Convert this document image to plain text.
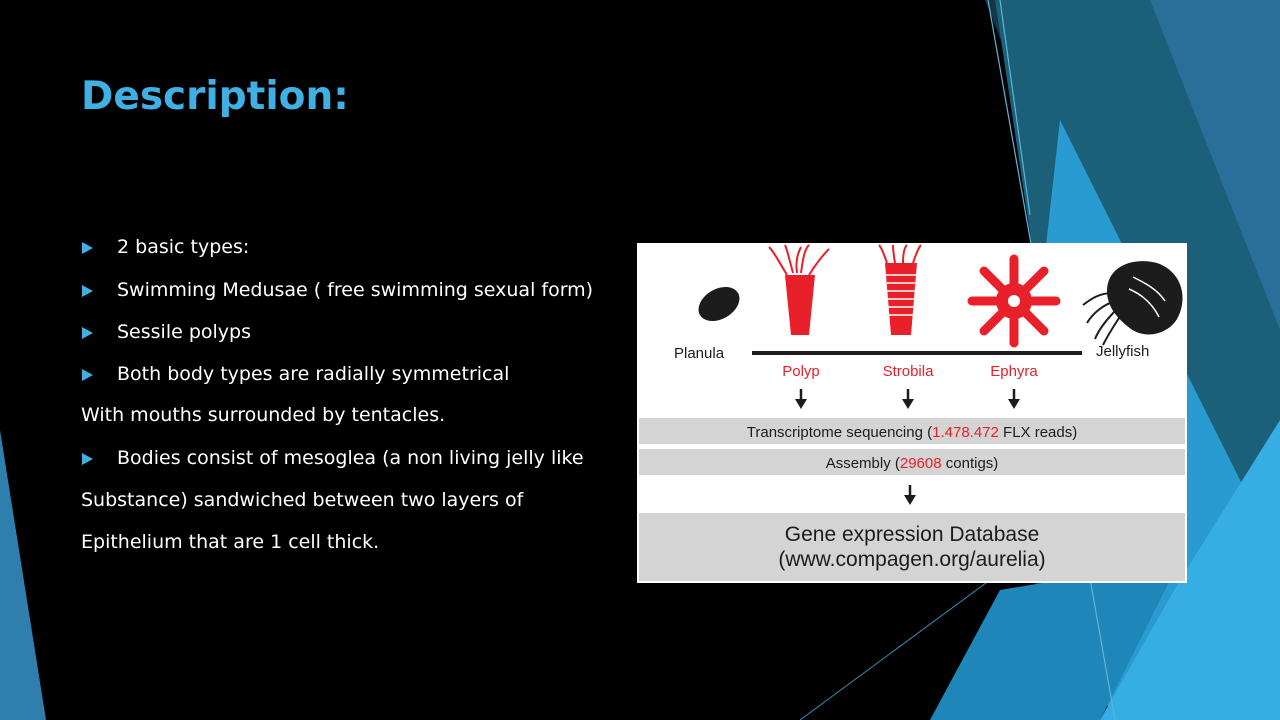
Description:
2 basic types:
Swimming Medusae ( free swimming sexual form)
Sessile polyps
Both body types are radially symmetrical
With mouths surrounded by tentacles.
Bodies consist of mesoglea (a non living jelly like
Substance) sandwiched between two layers of
Epithelium that are 1 cell thick.
Planula	Jellyfish
Polyp	Strobila	Ephyra
Transcriptome sequencing (1.478.472 FLX reads)
Assembly (29608 contigs)
Gene expression Database
(www.compagen.org/aurelia)
